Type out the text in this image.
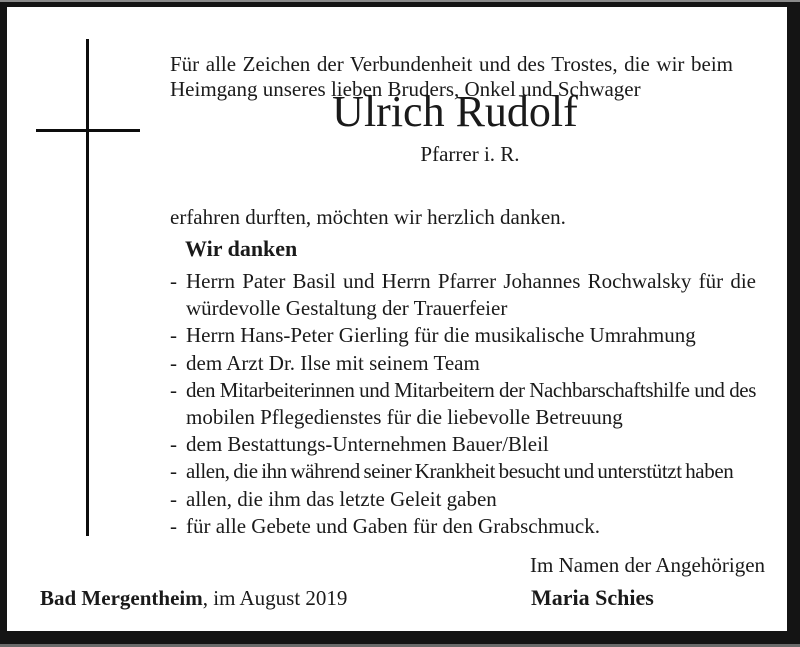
Für alle Zeichen der Verbundenheit und des Trostes, die wir beim
Heimgang unseres lieben Bruders, Onkel und Schwager

Ulrich Rudolf
Pfarrer i. R.

erfahren durften, möchten wir herzlich danken.

Wir danken
- Herrn Pater Basil und Herrn Pfarrer Johannes Rochwalsky für die
würdevolle Gestaltung der Trauerfeier
- Herrn Hans-Peter Gierling für die musikalische Umrahmung
- dem Arzt Dr. Ilse mit seinem Team
- den Mitarbeiterinnen und Mitarbeitern der Nachbarschaftshilfe und des
mobilen Pflegedienstes für die liebevolle Betreuung
- dem Bestattungs-Unternehmen Bauer/Bleil
- allen, die ihn während seiner Krankheit besucht und unterstützt haben
- allen, die ihm das letzte Geleit gaben
- für alle Gebete und Gaben für den Grabschmuck.
Im Namen der Angehörigen
Bad Mergentheim, im August 2019	Maria Schies
